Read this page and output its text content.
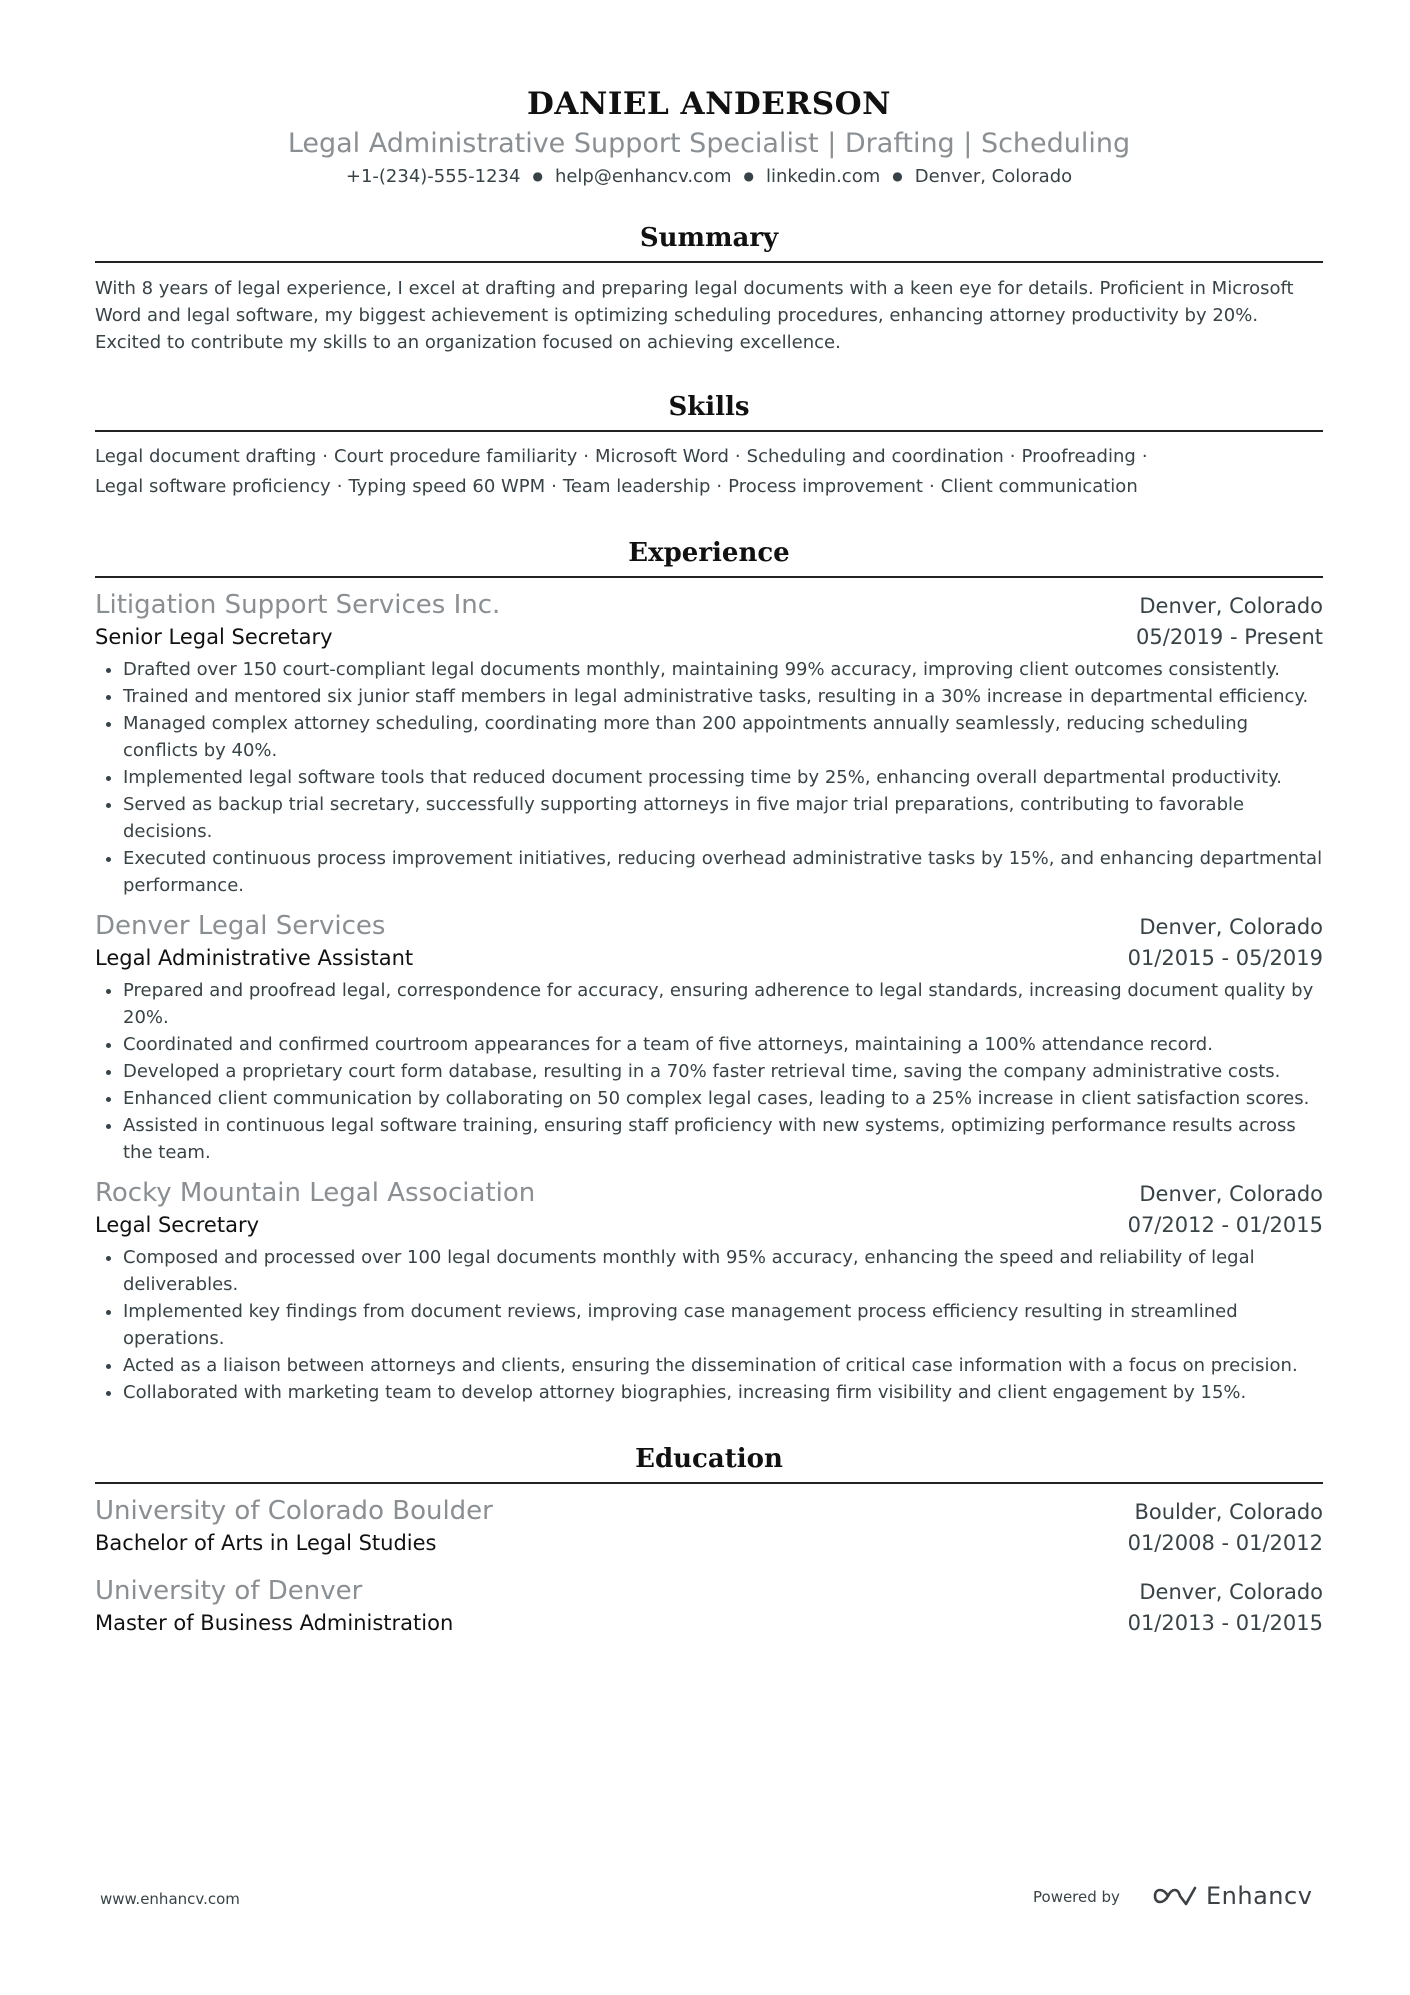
DANIEL ANDERSON
Legal Administrative Support Specialist | Drafting | Scheduling
+1-(234)-555-1234 ● help@enhancv.com ● linkedin.com ● Denver, Colorado
Summary
With 8 years of legal experience, I excel at drafting and preparing legal documents with a keen eye for details. Proficient in Microsoft Word and legal software, my biggest achievement is optimizing scheduling procedures, enhancing attorney productivity by 20%. Excited to contribute my skills to an organization focused on achieving excellence.
Skills
Legal document drafting · Court procedure familiarity · Microsoft Word · Scheduling and coordination · Proofreading ·
Legal software proficiency · Typing speed 60 WPM · Team leadership · Process improvement · Client communication
Experience
Litigation Support Services Inc.	Denver, Colorado
Senior Legal Secretary	05/2019 - Present
• Drafted over 150 court-compliant legal documents monthly, maintaining 99% accuracy, improving client outcomes consistently.
• Trained and mentored six junior staff members in legal administrative tasks, resulting in a 30% increase in departmental efficiency.
• Managed complex attorney scheduling, coordinating more than 200 appointments annually seamlessly, reducing scheduling conflicts by 40%.
• Implemented legal software tools that reduced document processing time by 25%, enhancing overall departmental productivity.
• Served as backup trial secretary, successfully supporting attorneys in five major trial preparations, contributing to favorable decisions.
• Executed continuous process improvement initiatives, reducing overhead administrative tasks by 15%, and enhancing departmental performance.
Denver Legal Services	Denver, Colorado
Legal Administrative Assistant	01/2015 - 05/2019
• Prepared and proofread legal, correspondence for accuracy, ensuring adherence to legal standards, increasing document quality by 20%.
• Coordinated and confirmed courtroom appearances for a team of five attorneys, maintaining a 100% attendance record.
• Developed a proprietary court form database, resulting in a 70% faster retrieval time, saving the company administrative costs.
• Enhanced client communication by collaborating on 50 complex legal cases, leading to a 25% increase in client satisfaction scores.
• Assisted in continuous legal software training, ensuring staff proficiency with new systems, optimizing performance results across the team.
Rocky Mountain Legal Association	Denver, Colorado
Legal Secretary	07/2012 - 01/2015
• Composed and processed over 100 legal documents monthly with 95% accuracy, enhancing the speed and reliability of legal deliverables.
• Implemented key findings from document reviews, improving case management process efficiency resulting in streamlined operations.
• Acted as a liaison between attorneys and clients, ensuring the dissemination of critical case information with a focus on precision.
• Collaborated with marketing team to develop attorney biographies, increasing firm visibility and client engagement by 15%.
Education
University of Colorado Boulder	Boulder, Colorado
Bachelor of Arts in Legal Studies	01/2008 - 01/2012
University of Denver	Denver, Colorado
Master of Business Administration	01/2013 - 01/2015
www.enhancv.com	Powered by	Enhancv
